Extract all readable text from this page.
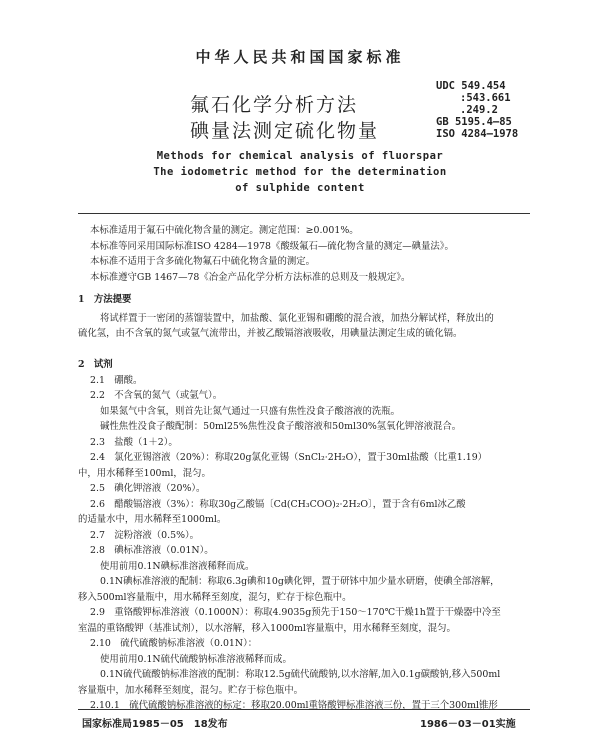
中华人民共和国国家标准
氟石化学分析方法
碘量法测定硫化物量
UDC 549.454
:543.661
.249.2
GB 5195.4—85
ISO 4284—1978
Methods for chemical analysis of fluorspar
The iodometric method for the determination
of sulphide content
本标准适用于氟石中硫化物含量的测定。测定范围：≥0.001%。
本标准等同采用国际标准ISO 4284—1978《酸级氟石—硫化物含量的测定—碘量法》。
本标准不适用于含多硫化物氟石中硫化物含量的测定。
本标准遵守GB 1467—78《冶金产品化学分析方法标准的总则及一般规定》。
1　方法提要
将试样置于一密闭的蒸馏装置中，加盐酸、氯化亚锡和硼酸的混合液，加热分解试样，释放出的
硫化氢，由不含氧的氮气或氩气流带出，并被乙酸镉溶液吸收，用碘量法测定生成的硫化镉。
2　试剂
2.1　硼酸。
2.2　不含氧的氮气（或氩气）。
如果氮气中含氧，则首先让氮气通过一只盛有焦性没食子酸溶液的洗瓶。
碱性焦性没食子酸配制：50ml25%焦性没食子酸溶液和50ml30%氢氧化钾溶液混合。
2.3　盐酸（1＋2）。
2.4　氯化亚锡溶液（20%）：称取20g氯化亚锡（SnCl₂·2H₂O），置于30ml盐酸（比重1.19）
中，用水稀释至100ml，混匀。
2.5　碘化钾溶液（20%）。
2.6　醋酸镉溶液（3%）：称取30g乙酸镉〔Cd(CH₃COO)₂·2H₂O〕，置于含有6ml冰乙酸
的适量水中，用水稀释至1000ml。
2.7　淀粉溶液（0.5%）。
2.8　碘标准溶液（0.01N）。
使用前用0.1N碘标准溶液稀释而成。
0.1N碘标准溶液的配制：称取6.3g碘和10g碘化钾，置于研钵中加少量水研磨，使碘全部溶解，
移入500ml容量瓶中，用水稀释至刻度，混匀，贮存于棕色瓶中。
2.9　重铬酸钾标准溶液（0.1000N）：称取4.9035g预先于150～170℃干燥1h置于干燥器中冷至
室温的重铬酸钾（基准试剂），以水溶解，移入1000ml容量瓶中，用水稀释至刻度，混匀。
2.10　硫代硫酸钠标准溶液（0.01N）：
使用前用0.1N硫代硫酸钠标准溶液稀释而成。
0.1N硫代硫酸钠标准溶液的配制：称取12.5g硫代硫酸钠,以水溶解,加入0.1g碳酸钠,移入500ml
容量瓶中，加水稀释至刻度，混匀。贮存于棕色瓶中。
2.10.1　硫代硫酸钠标准溶液的标定：移取20.00ml重铬酸钾标准溶液三份，置于三个300ml锥形
国家标准局1985－05　18发布	1986－03－01实施
